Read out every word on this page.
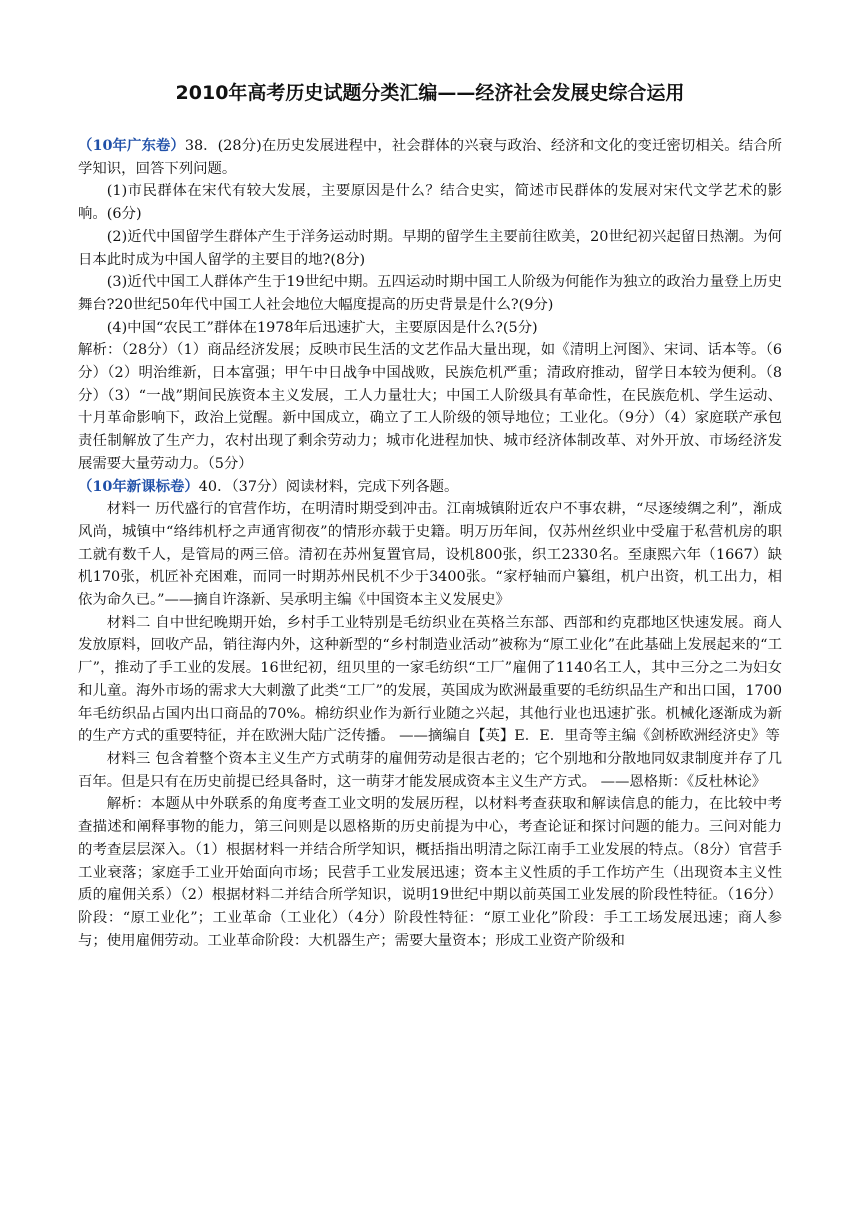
2010年高考历史试题分类汇编——经济社会发展史综合运用

（10年广东卷）38．(28分)在历史发展进程中，社会群体的兴衰与政治、经济和文化的变迁密切相关。结合所学知识，回答下列问题。

(1)市民群体在宋代有较大发展，主要原因是什么？结合史实，简述市民群体的发展对宋代文学艺术的影响。(6分)

(2)近代中国留学生群体产生于洋务运动时期。早期的留学生主要前往欧美，20世纪初兴起留日热潮。为何日本此时成为中国人留学的主要目的地?(8分)

(3)近代中国工人群体产生于19世纪中期。五四运动时期中国工人阶级为何能作为独立的政治力量登上历史舞台?20世纪50年代中国工人社会地位大幅度提高的历史背景是什么?(9分)

(4)中国“农民工”群体在1978年后迅速扩大，主要原因是什么?(5分)

解析：（28分）（1）商品经济发展；反映市民生活的文艺作品大量出现，如《清明上河图》、宋词、话本等。（6分）（2）明治维新，日本富强；甲午中日战争中国战败，民族危机严重；清政府推动，留学日本较为便利。（8分）（3）“一战”期间民族资本主义发展，工人力量壮大；中国工人阶级具有革命性，在民族危机、学生运动、十月革命影响下，政治上觉醒。新中国成立，确立了工人阶级的领导地位；工业化。（9分）（4）家庭联产承包责任制解放了生产力，农村出现了剩余劳动力；城市化进程加快、城市经济体制改革、对外开放、市场经济发展需要大量劳动力。（5分）

（10年新课标卷）40．（37分）阅读材料，完成下列各题。

材料一 历代盛行的官营作坊，在明清时期受到冲击。江南城镇附近农户不事农耕，“尽逐绫绸之利”，渐成风尚，城镇中“络纬机杼之声通宵彻夜”的情形亦载于史籍。明万历年间，仅苏州丝织业中受雇于私营机房的职工就有数千人，是管局的两三倍。清初在苏州复置官局，设机800张，织工2330名。至康熙六年（1667）缺机170张，机匠补充困难，而同一时期苏州民机不少于3400张。“家杼轴而户纂组，机户出资，机工出力，相依为命久已。”——摘自许涤新、吴承明主编《中国资本主义发展史》

材料二 自中世纪晚期开始，乡村手工业特别是毛纺织业在英格兰东部、西部和约克郡地区快速发展。商人发放原料，回收产品，销往海内外，这种新型的“乡村制造业活动”被称为“原工业化”在此基础上发展起来的“工厂”，推动了手工业的发展。16世纪初，纽贝里的一家毛纺织“工厂”雇佣了1140名工人，其中三分之二为妇女和儿童。海外市场的需求大大刺激了此类“工厂”的发展，英国成为欧洲最重要的毛纺织品生产和出口国，1700年毛纺织品占国内出口商品的70%。棉纺织业作为新行业随之兴起，其他行业也迅速扩张。机械化逐渐成为新的生产方式的重要特征，并在欧洲大陆广泛传播。 ——摘编自【英】E．E．里奇等主编《剑桥欧洲经济史》等

材料三 包含着整个资本主义生产方式萌芽的雇佣劳动是很古老的；它个别地和分散地同奴隶制度并存了几百年。但是只有在历史前提已经具备时，这一萌芽才能发展成资本主义生产方式。 ——恩格斯：《反杜林论》

解析：本题从中外联系的角度考查工业文明的发展历程，以材料考查获取和解读信息的能力，在比较中考查描述和阐释事物的能力，第三问则是以恩格斯的历史前提为中心，考查论证和探讨问题的能力。三问对能力的考查层层深入。（1）根据材料一并结合所学知识，概括指出明清之际江南手工业发展的特点。（8分）官营手工业衰落；家庭手工业开始面向市场；民营手工业发展迅速；资本主义性质的手工作坊产生（出现资本主义性质的雇佣关系）（2）根据材料二并结合所学知识，说明19世纪中期以前英国工业发展的阶段性特征。（16分）阶段：“原工业化”；工业革命（工业化）（4分）阶段性特征：“原工业化”阶段：手工工场发展迅速；商人参与；使用雇佣劳动。工业革命阶段：大机器生产；需要大量资本；形成工业资产阶级和
